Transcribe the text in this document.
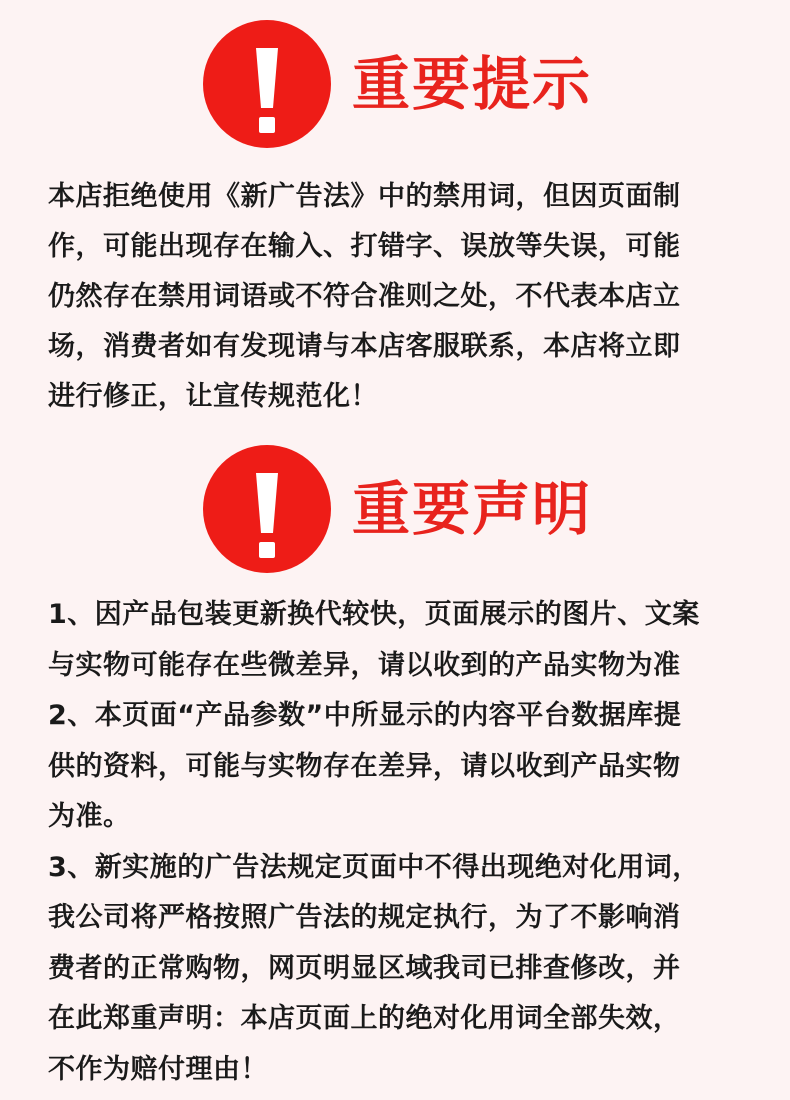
重要提示
本店拒绝使用《新广告法》中的禁用词，但因页面制
作，可能出现存在输入、打错字、误放等失误，可能
仍然存在禁用词语或不符合准则之处，不代表本店立
场，消费者如有发现请与本店客服联系，本店将立即
进行修正，让宣传规范化！
重要声明
1、因产品包装更新换代较快，页面展示的图片、文案
与实物可能存在些微差异，请以收到的产品实物为准
2、本页面“产品参数”中所显示的内容平台数据库提
供的资料，可能与实物存在差异，请以收到产品实物
为准。
3、新实施的广告法规定页面中不得出现绝对化用词，
我公司将严格按照广告法的规定执行，为了不影响消
费者的正常购物，网页明显区域我司已排查修改，并
在此郑重声明：本店页面上的绝对化用词全部失效，
不作为赔付理由！
